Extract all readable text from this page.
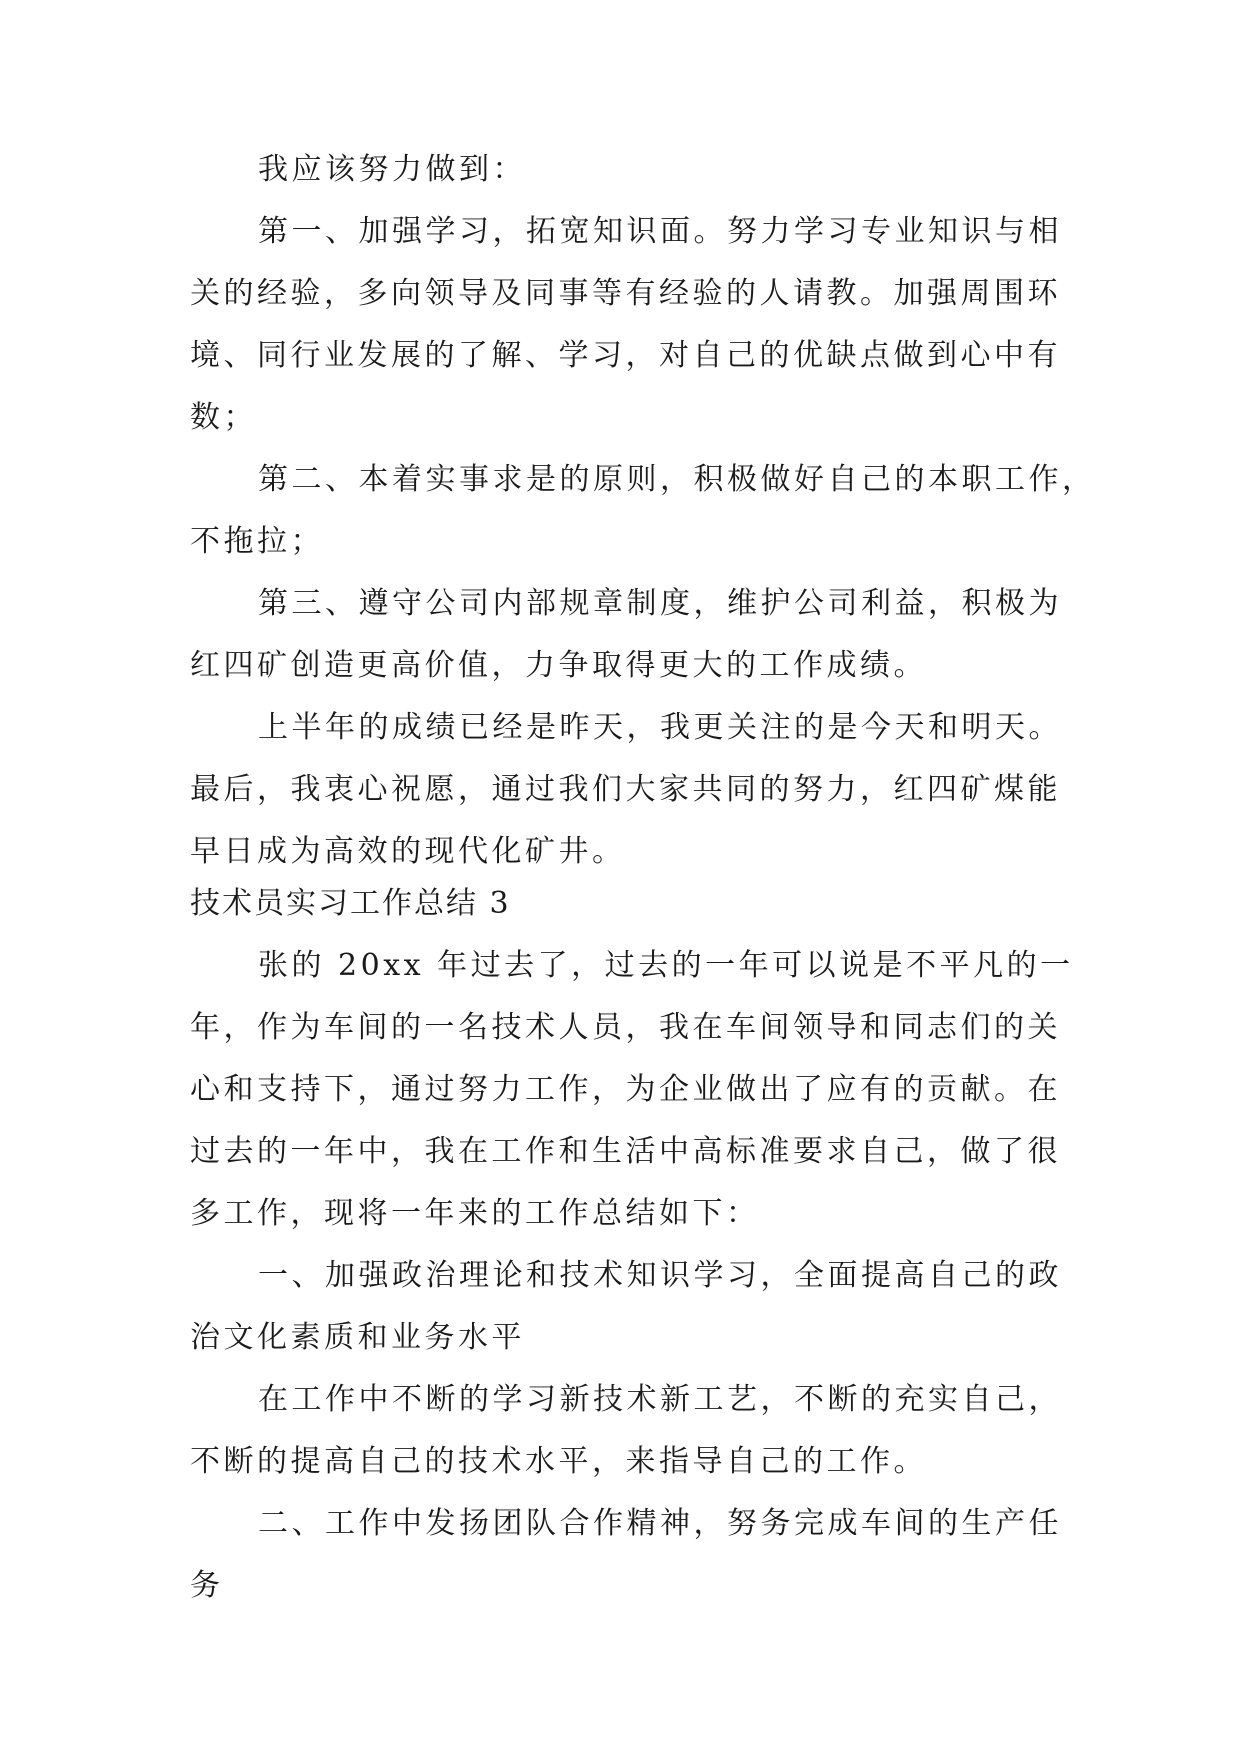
我应该努力做到：

第一、加强学习，拓宽知识面。努力学习专业知识与相

关的经验，多向领导及同事等有经验的人请教。加强周围环

境、同行业发展的了解、学习，对自己的优缺点做到心中有

数；

第二、本着实事求是的原则，积极做好自己的本职工作，

不拖拉；

第三、遵守公司内部规章制度，维护公司利益，积极为

红四矿创造更高价值，力争取得更大的工作成绩。

上半年的成绩已经是昨天，我更关注的是今天和明天。

最后，我衷心祝愿，通过我们大家共同的努力，红四矿煤能

早日成为高效的现代化矿井。

技术员实习工作总结 3

张的 20xx 年过去了，过去的一年可以说是不平凡的一

年，作为车间的一名技术人员，我在车间领导和同志们的关

心和支持下，通过努力工作，为企业做出了应有的贡献。在

过去的一年中，我在工作和生活中高标准要求自己，做了很

多工作，现将一年来的工作总结如下：

一、加强政治理论和技术知识学习，全面提高自己的政

治文化素质和业务水平

在工作中不断的学习新技术新工艺，不断的充实自己，

不断的提高自己的技术水平，来指导自己的工作。

二、工作中发扬团队合作精神，努务完成车间的生产任

务
